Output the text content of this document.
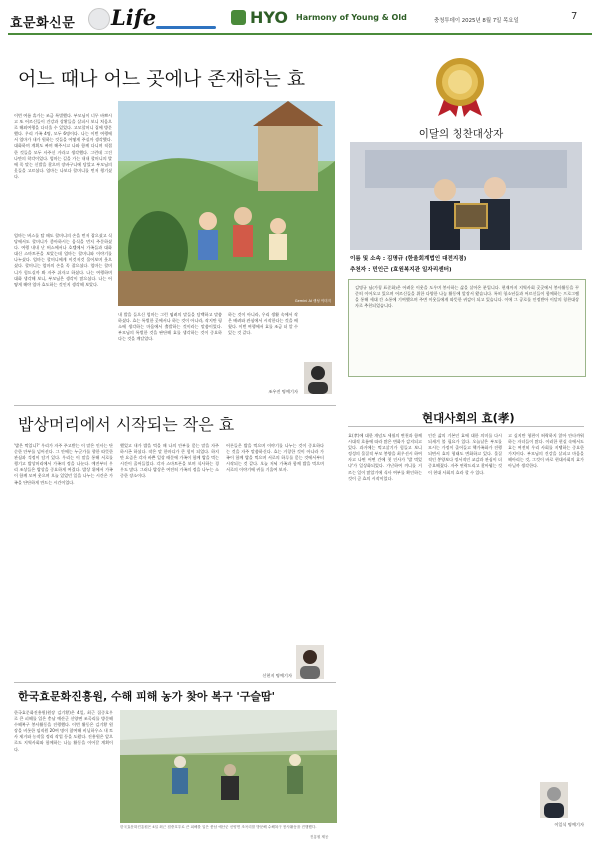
효문화신문 Life	HYO Harmony of Young & Old	충청투데이 2025년 8월 7일 목요일	7
어느 때나 어느 곳에나 존재하는 효
Gemini AI 생성 이미지
이번 여름 휴가는 조금 특별했다. 부모님이 너무 바쁘시고 또 어르신들이 건강과 상황들을 살피시 보니 처음으로 해외여행을 다녀올 수 있었다. 고모할머니 집에 방문 했다. 우리 가족 4명, 모두 6명이다. 나는 이번 여행에서 엄마가 내가 원하는 것들을 어떻게 주실까 생각했다. 대화하며 계획도 짜며 해주시고 나와 함께 다니며 직접한 것들을 모두 사주신 거라고 생각했다. 그런데 그건 나만의 착각이었다. 엄마는 길을 가는 내내 할머니의 발에 꼭 맞는 신발을 찾으며 장바구니에 담았고 부모님의 옷들을 고르셨다. 엄마는 나보다 할머니를 먼저 챙기셨다.
엄마는 버스를 탈 때도 할머니의 손을 먼저 잡으셨고 식당에서도 할머니가 좋아하시는 음식을 먼저 주문하셨다. 여행 내내 난 버스에서나 호텔에서 가족들과 대화 대신 스마트폰을 보았는데 엄마는 할머니와 이야기를 나누셨다. 엄마는 할머니에게 이것저것 물어보며 웃으셨다. 할머니는 엄마의 손을 꼭 잡으셨다. 엄마는 할머니가 힘드실까 봐 자주 쉬자고 하셨다. 나는 여행하며 대화 생각해 보니, 부모님은 생각이 많으셨다. 나는 어떻게 해야 엄마 효도하는 것인지 생각해 보았다.
내 발을 들으신 엄마는 그런 염려의 말들을 담백하고 말씀하셨다. 효는 특별한 곳에서나 하는 것이 아니라, 작지만 평소에 생각하는 마음에서 출발하는 것이라는 말씀이었다. 부모님의 특별한 것을 판단해 효를 생각하는 것이 중요하다는 것을 깨달았다.
하는 것이 아니라, 우리 생활 속에서 작은 배려와 관심에서 시작한다는 것을 배웠다. 이번 여행에서 효를 조금 더 알 수 있는 것 같다.
조우진 명예기자
밥상머리에서 시작되는 작은 효
'밥은 먹었니?' 우리가 자주 주고받는 이 말은 인사는 단순한 안부를 넘어선다. 그 안에는 누군가를 향한 따뜻한 관심과 걱정이 담겨 있다. 우리는 이 말을 통해 서로를 챙기고 밥상머리에서 가족의 정을 나눈다. 예전부터 우리 조상들은 밥상을 중요하게 여겼다. 밥상 위에서 가족이 함께 모여 웃으며 오늘 있었던 일을 나누는 시간은 가족을 단단하게 만드는 시간이었다.
했었고 내가 밥을 먹을 때 나의 안부를 묻는 말을 자주 하시곤 하셨다. 작은 말 한마디가 큰 힘이 되었다. 하지만 요즘은 각자 바쁜 일상 때문에 가족이 함께 밥을 먹는 시간이 줄어들었다. 각자 스마트폰을 보며 식사하는 경우도 많다. 그러나 밥상은 여전히 가족의 정을 나누는 소중한 장소이다.
어른들은 밥을 먹으며 이야기를 나누는 것이 중요하다는 것을 자주 말씀하신다. 효는 거창한 것이 아니라 가족이 함께 밥을 먹으며 서로의 하루를 묻는 것에서부터 시작되는 것 같다. 오늘 저녁 가족과 함께 밥을 먹으며 서로의 이야기에 귀를 기울여 보자.
신현지 명예기자
한국효문화진흥원, 수해 피해 농가 찾아 복구 '구슬땀'
한국효문화진흥원(원장 김기황)은 4일, 최근 집중호우로 큰 피해를 입은 충남 예산군 신양면 조곡리를 방문해 수해복구 봉사활동을 진행했다. 이번 활동은 김기황 원장을 비롯한 임직원 20여 명이 참여해 비닐하우스 내 토사 제거와 농작물 정리 작업 등을 도왔다. 진흥원은 앞으로도 지역사회와 함께하는 나눔 활동을 이어갈 계획이다.
한국효문화진흥원은 4일 최근 집중호우로 큰 피해를 입은 충남 예산군 신양면 조곡리를 방문해 수해복구 봉사활동을 진행했다.
진흥원 제공
이달의 칭찬대상자
이름 및 소속 : 김명규 (한울회계법인 대전지점)
추천자 : 민인근 (효원복지관 일자리센터)
김명규 님(가칭 표준화)은 어려운 이웃을 도우며 봉사하는 삶을 살아온 분입니다. 현재까지 지역사회 곳곳에서 봉사활동을 꾸준히 이어오고 있으며 어르신들을 위한 다양한 나눔 활동에 앞장서 왔습니다. 특히 청소년들과 어르신들이 함께하는 프로그램을 통해 세대 간 소통에 기여했으며 주변 이웃들에게 따뜻한 귀감이 되고 있습니다. 이에 그 공로를 인정받아 이달의 칭찬대상자로 추천되었습니다.
현대사회의 효(孝)
효(孝)에 대한 개념도 세월의 변천과 함께 시대적 흐름에 따라 많은 변화가 감지되고 있다. 과거에는 먹고살기가 힘들고 보니 정성의 물질적 부모 봉양을 최우선시 하여 자고 나면 어떤 간에 첫 인사가 '밥 먹었냐'가 일상화되었다. 가난하여 끼니를 거르는 일이 많았기에 식사 여부를 확인하는 것이 곧 효의 시작이었다.
인간 삶의 기본인 효에 대한 의미를 다시 되새겨 볼 필요가 있다. 오늘날은 부모를 모시는 가정이 줄어들고 핵가족화가 진행되면서 효의 형태도 변화하고 있다. 물질적인 봉양보다 정서적인 교감과 관심이 더 중요해졌다. 자주 연락드리고 찾아뵙는 것이 현대 사회의 효라 할 수 있다.
고 싶지만 형편이 허락하지 않아 안타까워하는 자녀들이 많다. 이러한 현실 속에서도 효는 여전히 우리 사회를 지탱하는 중요한 가치이다. 부모님의 건강을 살피고 마음을 헤아리는 것, 그것이 바로 현대사회의 효가 아닐까 생각한다.
이일식 명예기자
